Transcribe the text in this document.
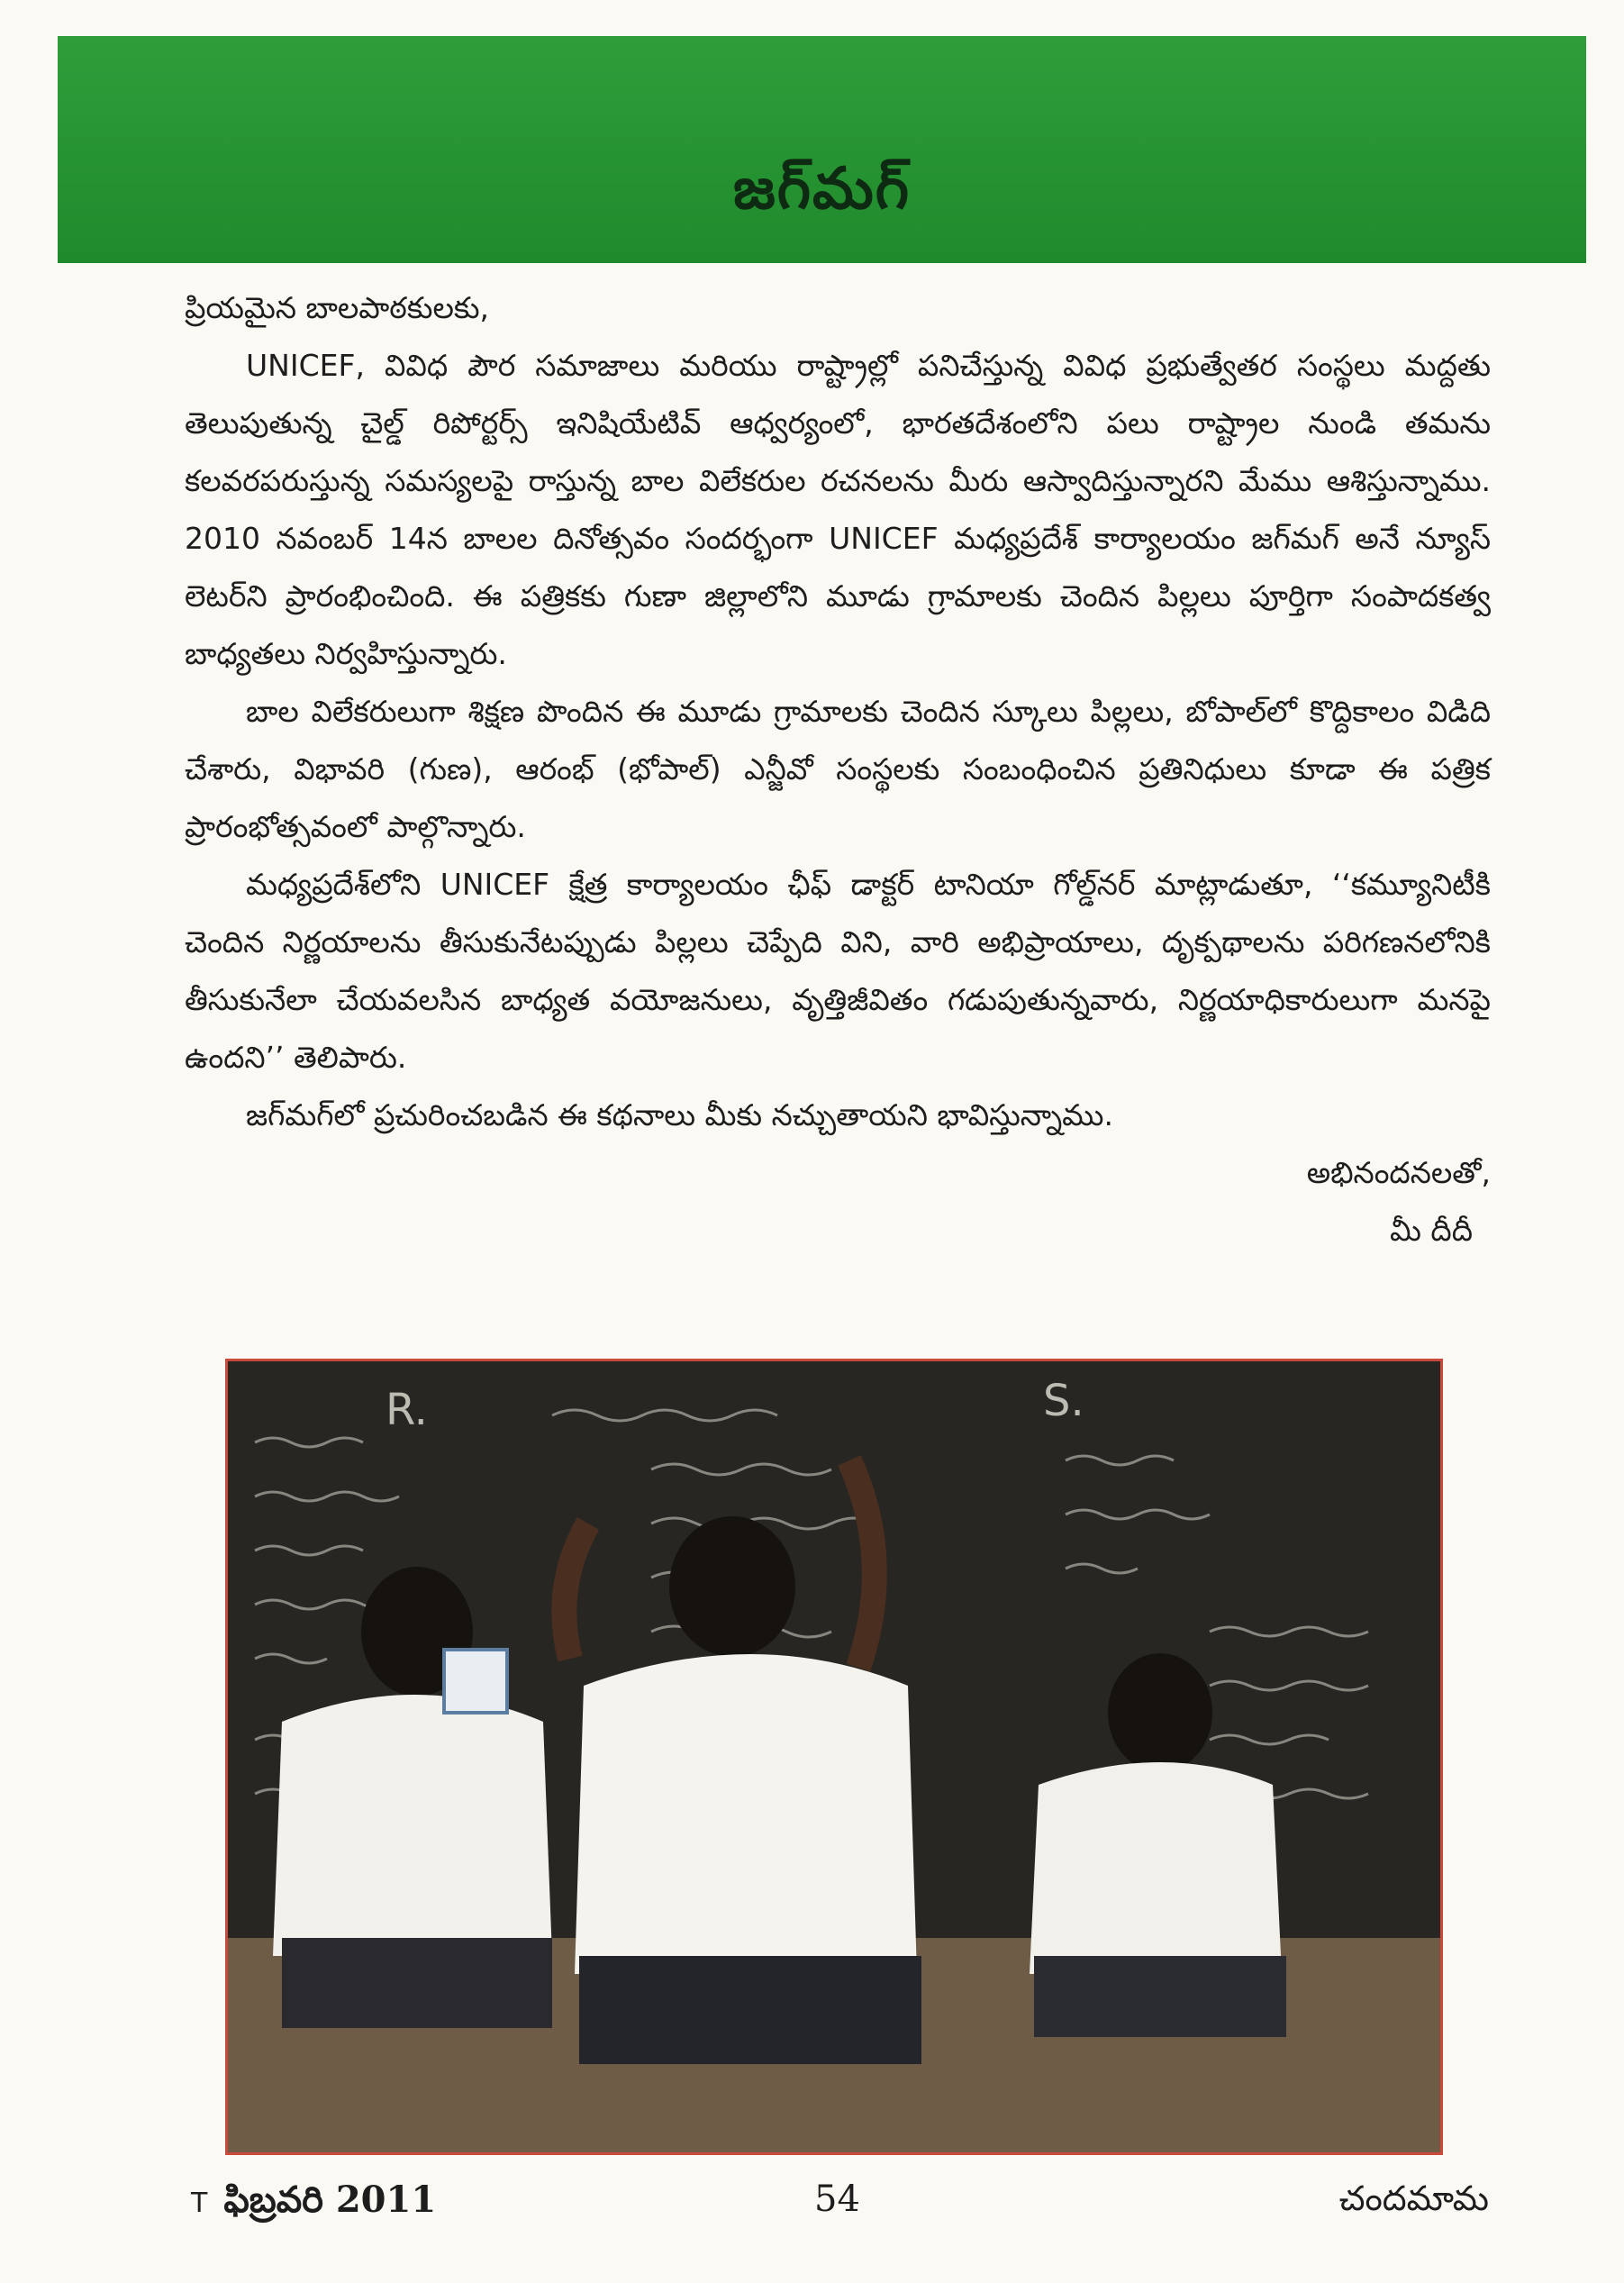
జగ్‌మగ్

ప్రియమైన బాలపాఠకులకు,

UNICEF, వివిధ పౌర సమాజాలు మరియు రాష్ట్రాల్లో పనిచేస్తున్న వివిధ ప్రభుత్వేతర సంస్థలు మద్దతు తెలుపుతున్న చైల్డ్ రిపోర్టర్స్ ఇనిషియేటివ్ ఆధ్వర్యంలో, భారతదేశంలోని పలు రాష్ట్రాల నుండి తమను కలవరపరుస్తున్న సమస్యలపై రాస్తున్న బాల విలేకరుల రచనలను మీరు ఆస్వాదిస్తున్నారని మేము ఆశిస్తున్నాము. 2010 నవంబర్ 14న బాలల దినోత్సవం సందర్భంగా UNICEF మధ్యప్రదేశ్ కార్యాలయం జగ్‌మగ్ అనే న్యూస్ లెటర్‌ని ప్రారంభించింది. ఈ పత్రికకు గుణా జిల్లాలోని మూడు గ్రామాలకు చెందిన పిల్లలు పూర్తిగా సంపాదకత్వ బాధ్యతలు నిర్వహిస్తున్నారు.

బాల విలేకరులుగా శిక్షణ పొందిన ఈ మూడు గ్రామాలకు చెందిన స్కూలు పిల్లలు, బోపాల్‌లో కొద్దికాలం విడిది చేశారు, విభావరి (గుణ), ఆరంభ్ (భోపాల్) ఎన్జీవో సంస్థలకు సంబంధించిన ప్రతినిధులు కూడా ఈ పత్రిక ప్రారంభోత్సవంలో పాల్గొన్నారు.

మధ్యప్రదేశ్‌లోని UNICEF క్షేత్ర కార్యాలయం ఛీఫ్ డాక్టర్ టానియా గోల్డ్‌నర్ మాట్లాడుతూ, ‘‘కమ్యూనిటీకి చెందిన నిర్ణయాలను తీసుకునేటప్పుడు పిల్లలు చెప్పేది విని, వారి అభిప్రాయాలు, దృక్పథాలను పరిగణనలోనికి తీసుకునేలా చేయవలసిన బాధ్యత వయోజనులు, వృత్తిజీవితం గడుపుతున్నవారు, నిర్ణయాధికారులుగా మనపై ఉందని’’ తెలిపారు.

జగ్‌మగ్‌లో ప్రచురించబడిన ఈ కథనాలు మీకు నచ్చుతాయని భావిస్తున్నాము.

అభినందనలతో,

మీ దీదీ

R.	S.
T ఫిబ్రవరి 2011	54	చందమామ
